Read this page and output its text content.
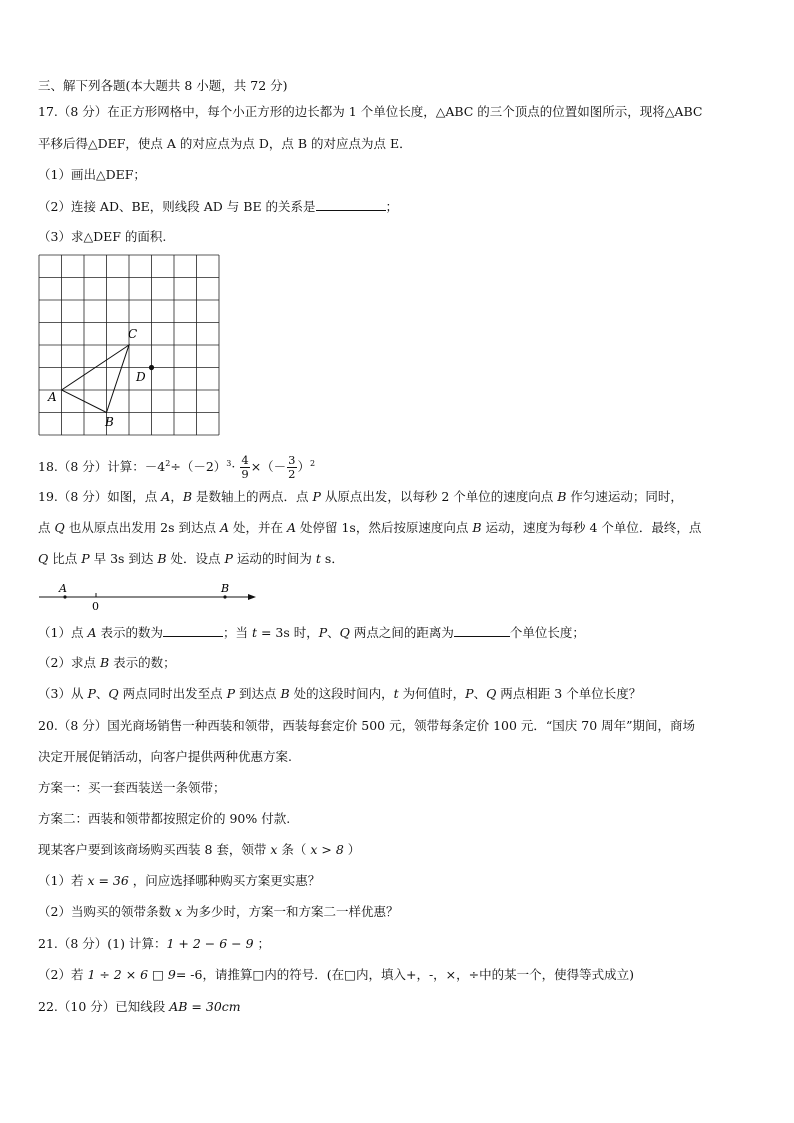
三、解下列各题(本大题共 8 小题，共 72 分)
17.（8 分）在正方形网格中，每个小正方形的边长都为 1 个单位长度，△ABC 的三个顶点的位置如图所示，现将△ABC
平移后得△DEF，使点 A 的对应点为点 D，点 B 的对应点为点 E．
（1）画出△DEF；
（2）连接 AD、BE，则线段 AD 与 BE 的关系是	；
（3）求△DEF 的面积.
C
D
A
B
18.（8 分）计算：$-4^2\div(-2)^3\cdot \frac{4}{9}$ ×（－ $\frac{3}{2} )^2$
19.（8 分）如图，点 A，B 是数轴上的两点．点 P 从原点出发，以每秒 2 个单位的速度向点 B 作匀速运动；同时，
点 Q 也从原点出发用 2s 到达点 A 处，并在 A 处停留 1s，然后按原速度向点 B 运动，速度为每秒 4 个单位．最终，点
Q 比点 P 早 3s 到达 B 处．设点 P 运动的时间为 t s．
A
0
B
（1）点 A 表示的数为	；当 t = 3s 时，P、Q 两点之间的距离为	个单位长度；
（2）求点 B 表示的数；
（3）从 P、Q 两点同时出发至点 P 到达点 B 处的这段时间内，t 为何值时，P、Q 两点相距 3 个单位长度？
20.（8 分）国光商场销售一种西装和领带，西装每套定价 500 元，领带每条定价 100 元．“国庆 70 周年”期间，商场
决定开展促销活动，向客户提供两种优惠方案.
方案一：买一套西装送一条领带；
方案二：西装和领带都按照定价的 90% 付款.
现某客户要到该商场购买西装 8 套，领带 x 条（ x > 8 ）
（1）若 x = 36 ，问应选择哪种购买方案更实惠？
（2）当购买的领带条数 x 为多少时，方案一和方案二一样优惠？
21.（8 分）(1) 计算：1 + 2 − 6 − 9 ；
（2）若 1 ÷ 2 × 6 □ 9= -6，请推算□内的符号．(在□内，填入+，-，×，÷中的某一个，使得等式成立)
22.（10 分）已知线段 AB = 30cm
